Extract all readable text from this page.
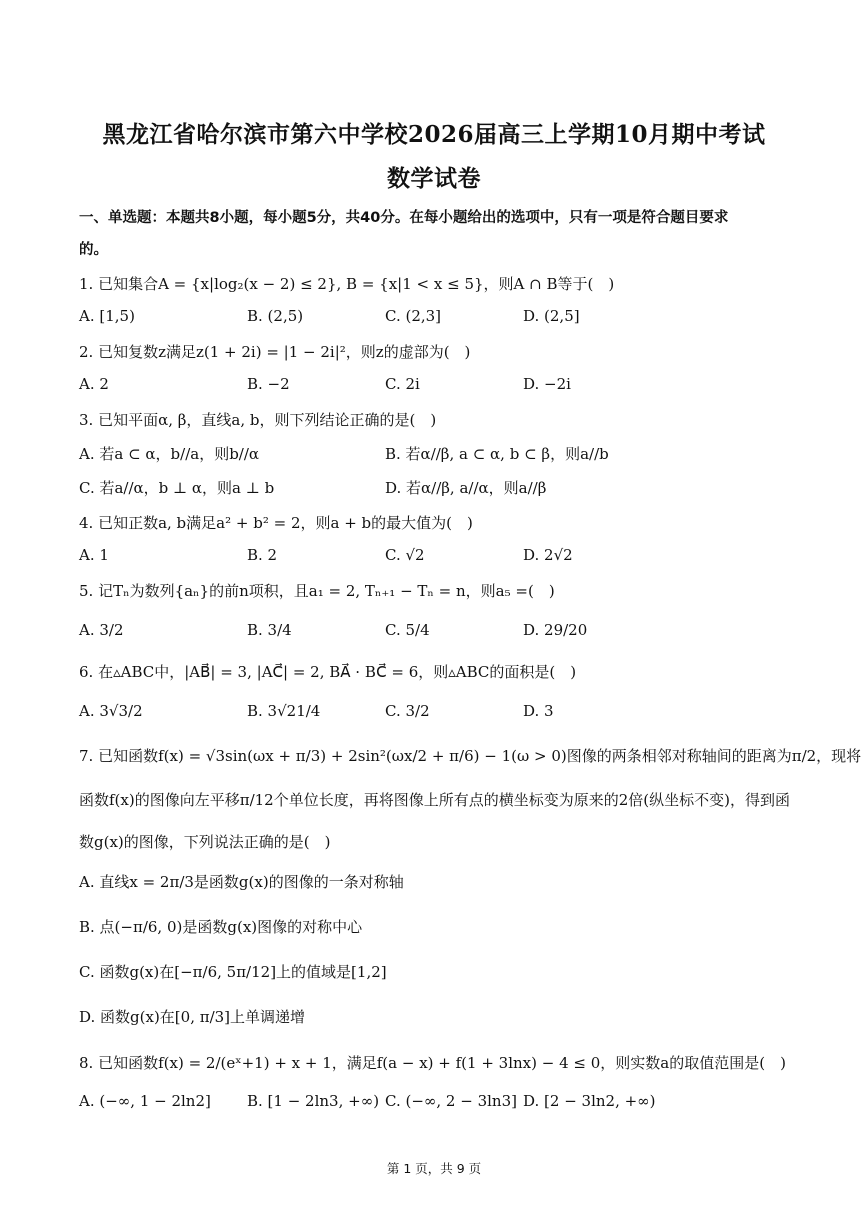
黑龙江省哈尔滨市第六中学校2026届高三上学期10月期中考试
数学试卷
一、单选题：本题共8小题，每小题5分，共40分。在每小题给出的选项中，只有一项是符合题目要求
的。
1. 已知集合A = {x|log₂(x − 2) ≤ 2}, B = {x|1 < x ≤ 5}，则A ∩ B等于(　)
A. [1,5)	B. (2,5)	C. (2,3]	D. (2,5]
2. 已知复数z满足z(1 + 2i) = |1 − 2i|²，则z的虚部为(　)
A. 2	B. −2	C. 2i	D. −2i
3. 已知平面α, β，直线a, b，则下列结论正确的是(　)
A. 若a ⊂ α，b//a，则b//α	B. 若α//β, a ⊂ α, b ⊂ β，则a//b
C. 若a//α，b ⊥ α，则a ⊥ b	D. 若α//β, a//α，则a//β
4. 已知正数a, b满足a² + b² = 2，则a + b的最大值为(　)
A. 1	B. 2	C. √2	D. 2√2
5. 记Tₙ为数列{aₙ}的前n项积，且a₁ = 2, Tₙ₊₁ − Tₙ = n，则a₅ =(　)
A. 3/2	B. 3/4	C. 5/4	D. 29/20
6. 在▵ABC中，|AB⃗| = 3, |AC⃗| = 2, BA⃗ · BC⃗ = 6，则▵ABC的面积是(　)
A. 3√3/2	B. 3√21/4	C. 3/2	D. 3
7. 已知函数f(x) = √3sin(ωx + π/3) + 2sin²(ωx/2 + π/6) − 1(ω > 0)图像的两条相邻对称轴间的距离为π/2，现将
函数f(x)的图像向左平移π/12个单位长度，再将图像上所有点的横坐标变为原来的2倍(纵坐标不变)，得到函
数g(x)的图像，下列说法正确的是(　)
A. 直线x = 2π/3是函数g(x)的图像的一条对称轴
B. 点(−π/6, 0)是函数g(x)图像的对称中心
C. 函数g(x)在[−π/6, 5π/12]上的值域是[1,2]
D. 函数g(x)在[0, π/3]上单调递增
8. 已知函数f(x) = 2/(eˣ+1) + x + 1，满足f(a − x) + f(1 + 3lnx) − 4 ≤ 0，则实数a的取值范围是(　)
A. (−∞, 1 − 2ln2] B. [1 − 2ln3, +∞) C. (−∞, 2 − 3ln3] D. [2 − 3ln2, +∞)
第 1 页，共 9 页
